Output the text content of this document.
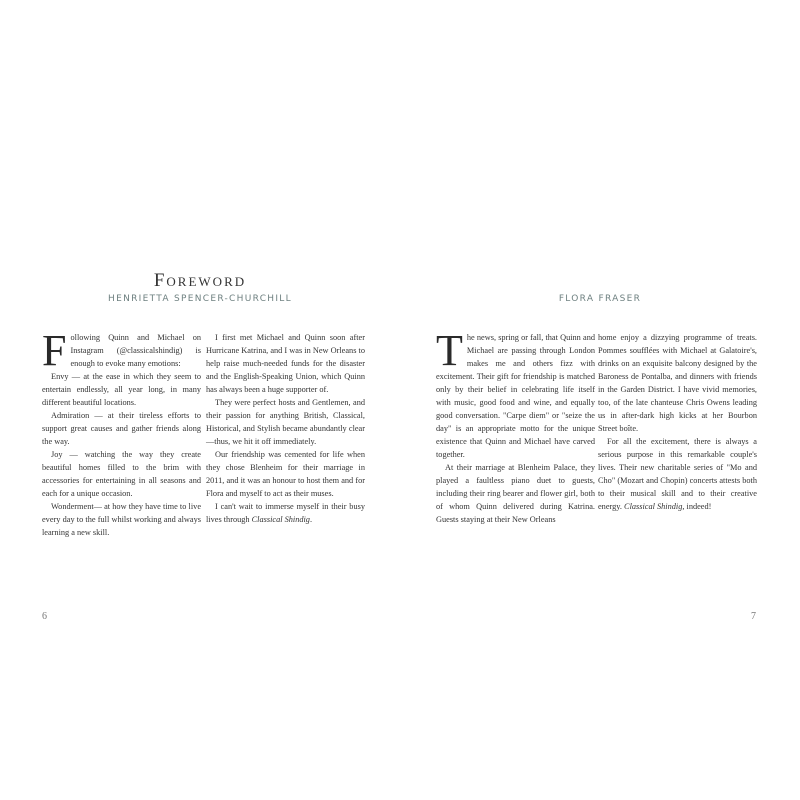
Foreword
HENRIETTA SPENCER-CHURCHILL

Following Quinn and Michael on Instagram (@classicalshindig) is enough to evoke many emotions:

Envy — at the ease in which they seem to entertain endlessly, all year long, in many different beautiful locations.

Admiration — at their tireless efforts to support great causes and gather friends along the way.

Joy — watching the way they create beautiful homes filled to the brim with accessories for entertaining in all seasons and each for a unique occasion.

Wonderment— at how they have time to live every day to the full whilst working and always learning a new skill.

I first met Michael and Quinn soon after Hurricane Katrina, and I was in New Orleans to help raise much-needed funds for the disaster and the English-Speaking Union, which Quinn has always been a huge supporter of.

They were perfect hosts and Gentlemen, and their passion for anything British, Classical, Historical, and Stylish became abundantly clear—thus, we hit it off immediately.

Our friendship was cemented for life when they chose Blenheim for their marriage in 2011, and it was an honour to host them and for Flora and myself to act as their muses.

I can't wait to immerse myself in their busy lives through Classical Shindig.

6
FLORA FRASER

The news, spring or fall, that Quinn and Michael are passing through London makes me and others fizz with excitement. Their gift for friendship is matched only by their belief in celebrating life itself with music, good food and wine, and equally good conversation. "Carpe diem" or "seize the day" is an appropriate motto for the unique existence that Quinn and Michael have carved together.

At their marriage at Blenheim Palace, they played a faultless piano duet to guests, including their ring bearer and flower girl, both of whom Quinn delivered during Katrina. Guests staying at their New Orleans

home enjoy a dizzying programme of treats. Pommes soufflées with Michael at Galatoire's, drinks on an exquisite balcony designed by the Baroness de Pontalba, and dinners with friends in the Garden District. I have vivid memories, too, of the late chanteuse Chris Owens leading us in after-dark high kicks at her Bourbon Street boîte.

For all the excitement, there is always a serious purpose in this remarkable couple's lives. Their new charitable series of "Mo and Cho" (Mozart and Chopin) concerts attests both to their musical skill and to their creative energy. Classical Shindig, indeed!

7
